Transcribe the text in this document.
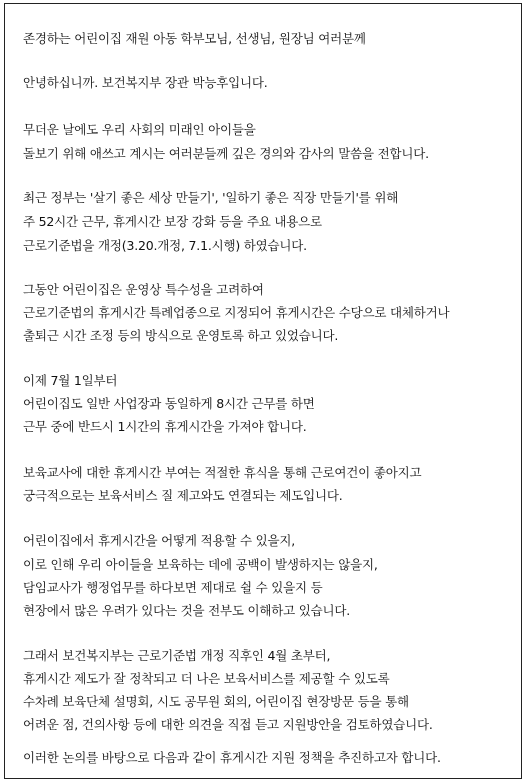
존경하는 어린이집 재원 아동 학부모님, 선생님, 원장님 여러분께
안녕하십니까. 보건복지부 장관 박능후입니다.
무더운 날에도 우리 사회의 미래인 아이들을
돌보기 위해 애쓰고 계시는 여러분들께 깊은 경의와 감사의 말씀을 전합니다.
최근 정부는 '살기 좋은 세상 만들기', '일하기 좋은 직장 만들기'를 위해
주 52시간 근무, 휴게시간 보장 강화 등을 주요 내용으로
근로기준법을 개정(3.20.개정, 7.1.시행) 하였습니다.
그동안 어린이집은 운영상 특수성을 고려하여
근로기준법의 휴게시간 특례업종으로 지정되어 휴게시간은 수당으로 대체하거나
출퇴근 시간 조정 등의 방식으로 운영토록 하고 있었습니다.
이제 7월 1일부터
어린이집도 일반 사업장과 동일하게 8시간 근무를 하면
근무 중에 반드시 1시간의 휴게시간을 가져야 합니다.
보육교사에 대한 휴게시간 부여는 적절한 휴식을 통해 근로여건이 좋아지고
궁극적으로는 보육서비스 질 제고와도 연결되는 제도입니다.
어린이집에서 휴게시간을 어떻게 적용할 수 있을지,
이로 인해 우리 아이들을 보육하는 데에 공백이 발생하지는 않을지,
담임교사가 행정업무를 하다보면 제대로 쉴 수 있을지 등
현장에서 많은 우려가 있다는 것을 전부도 이해하고 있습니다.
그래서 보건복지부는 근로기준법 개정 직후인 4월 초부터,
휴게시간 제도가 잘 정착되고 더 나은 보육서비스를 제공할 수 있도록
수차례 보육단체 설명회, 시도 공무원 회의, 어린이집 현장방문 등을 통해
어려운 점, 건의사항 등에 대한 의견을 직접 듣고 지원방안을 검토하였습니다.
이러한 논의를 바탕으로 다음과 같이 휴게시간 지원 정책을 추진하고자 합니다.
